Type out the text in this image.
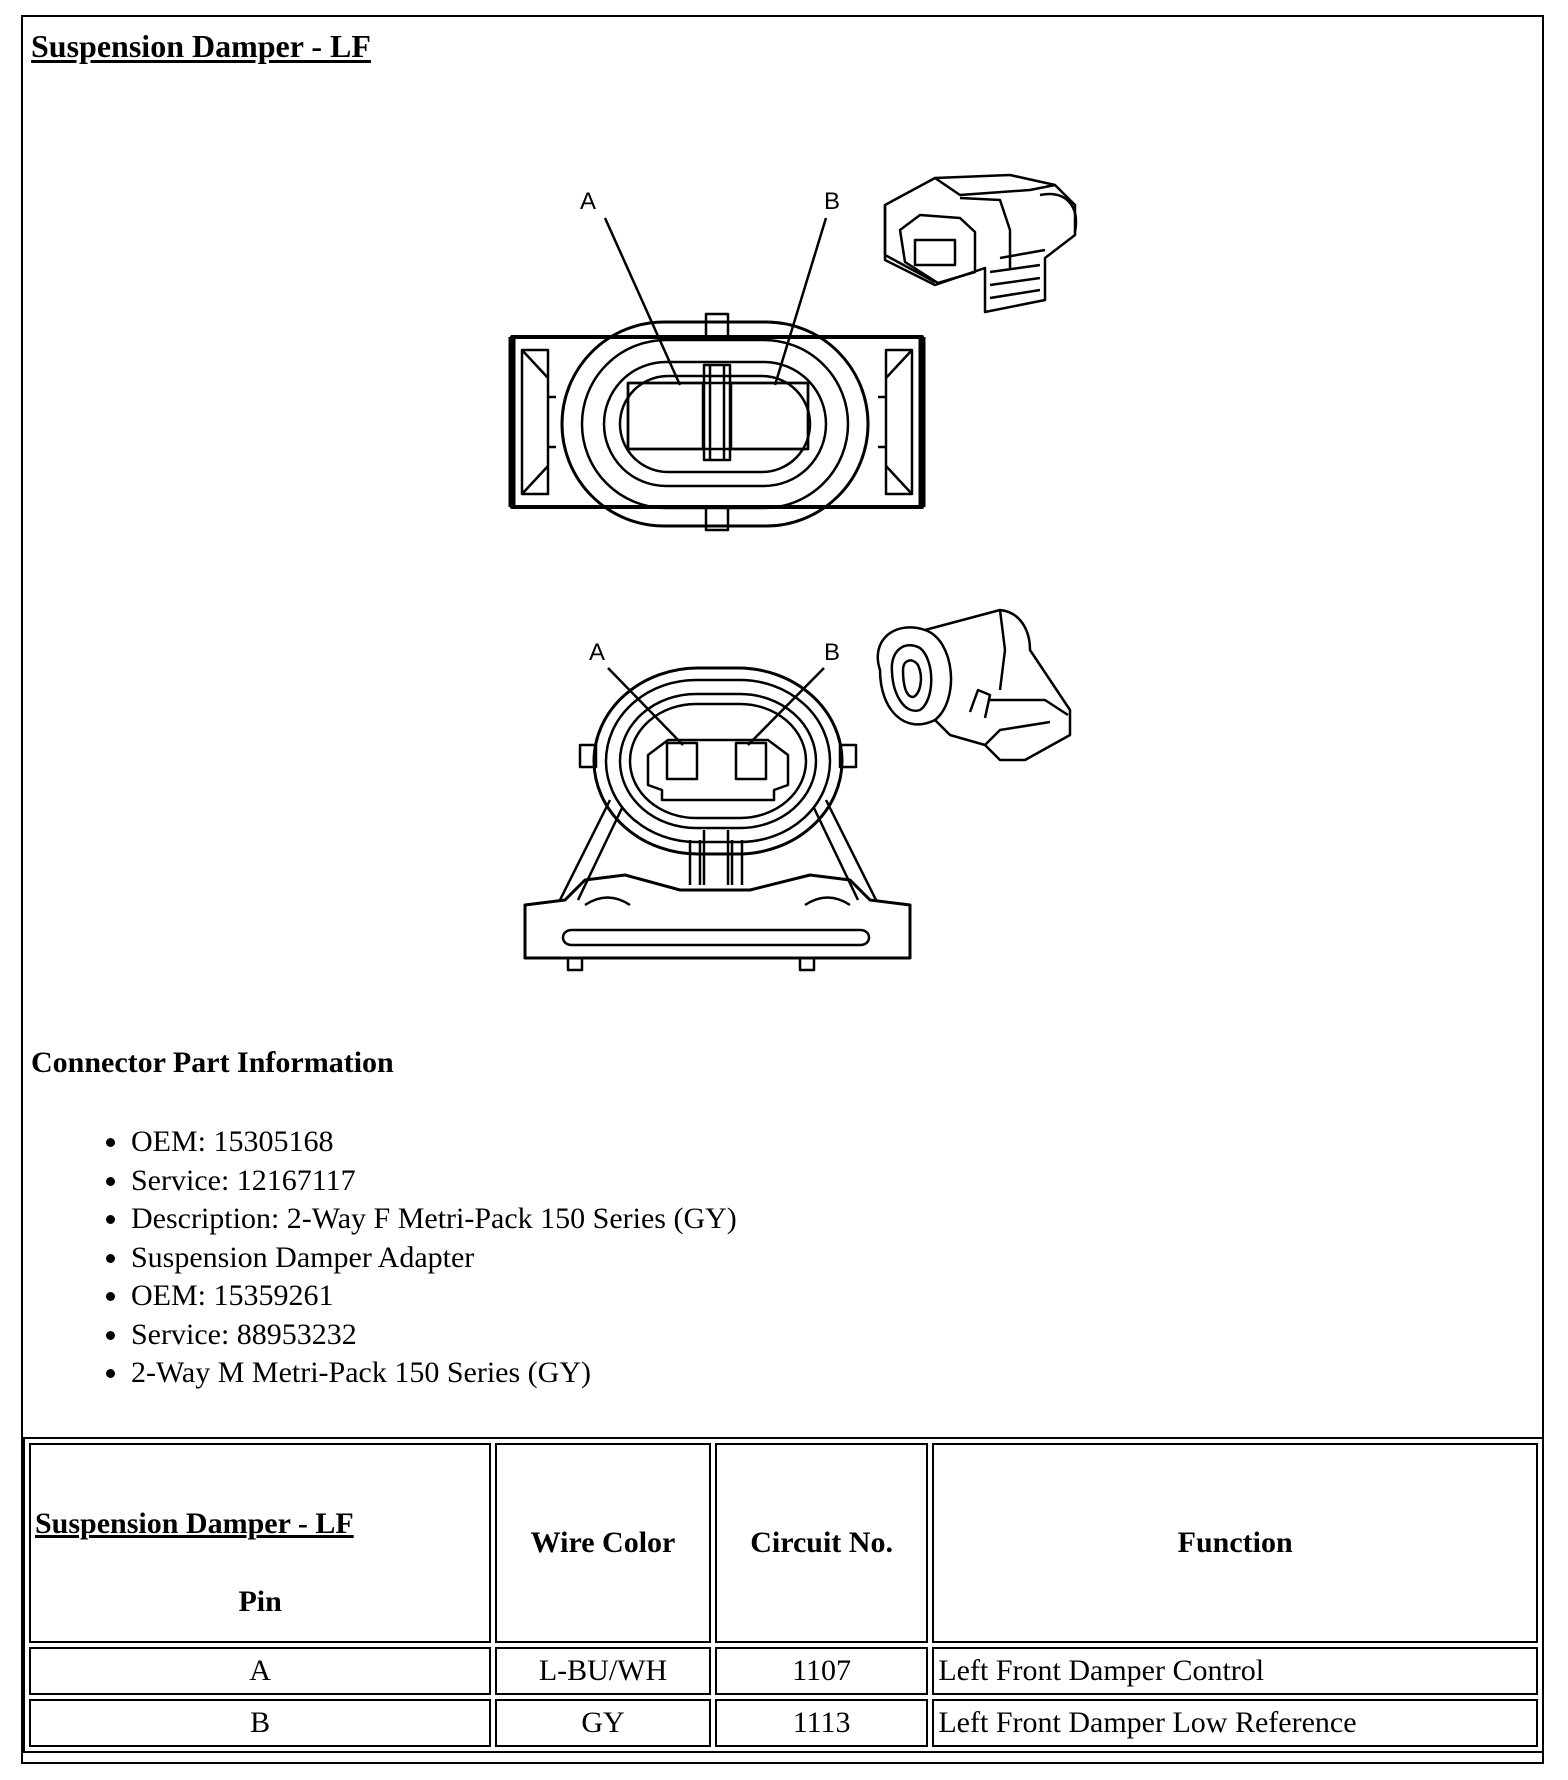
Suspension Damper - LF
A	B
A	B
Connector Part Information
• OEM: 15305168
• Service: 12167117
• Description: 2-Way F Metri-Pack 150 Series (GY)
• Suspension Damper Adapter
• OEM: 15359261
• Service: 88953232
• 2-Way M Metri-Pack 150 Series (GY)
Suspension Damper - LF
Pin	Wire Color	Circuit No.	Function
A	L-BU/WH	1107	Left Front Damper Control
B	GY	1113	Left Front Damper Low Reference
